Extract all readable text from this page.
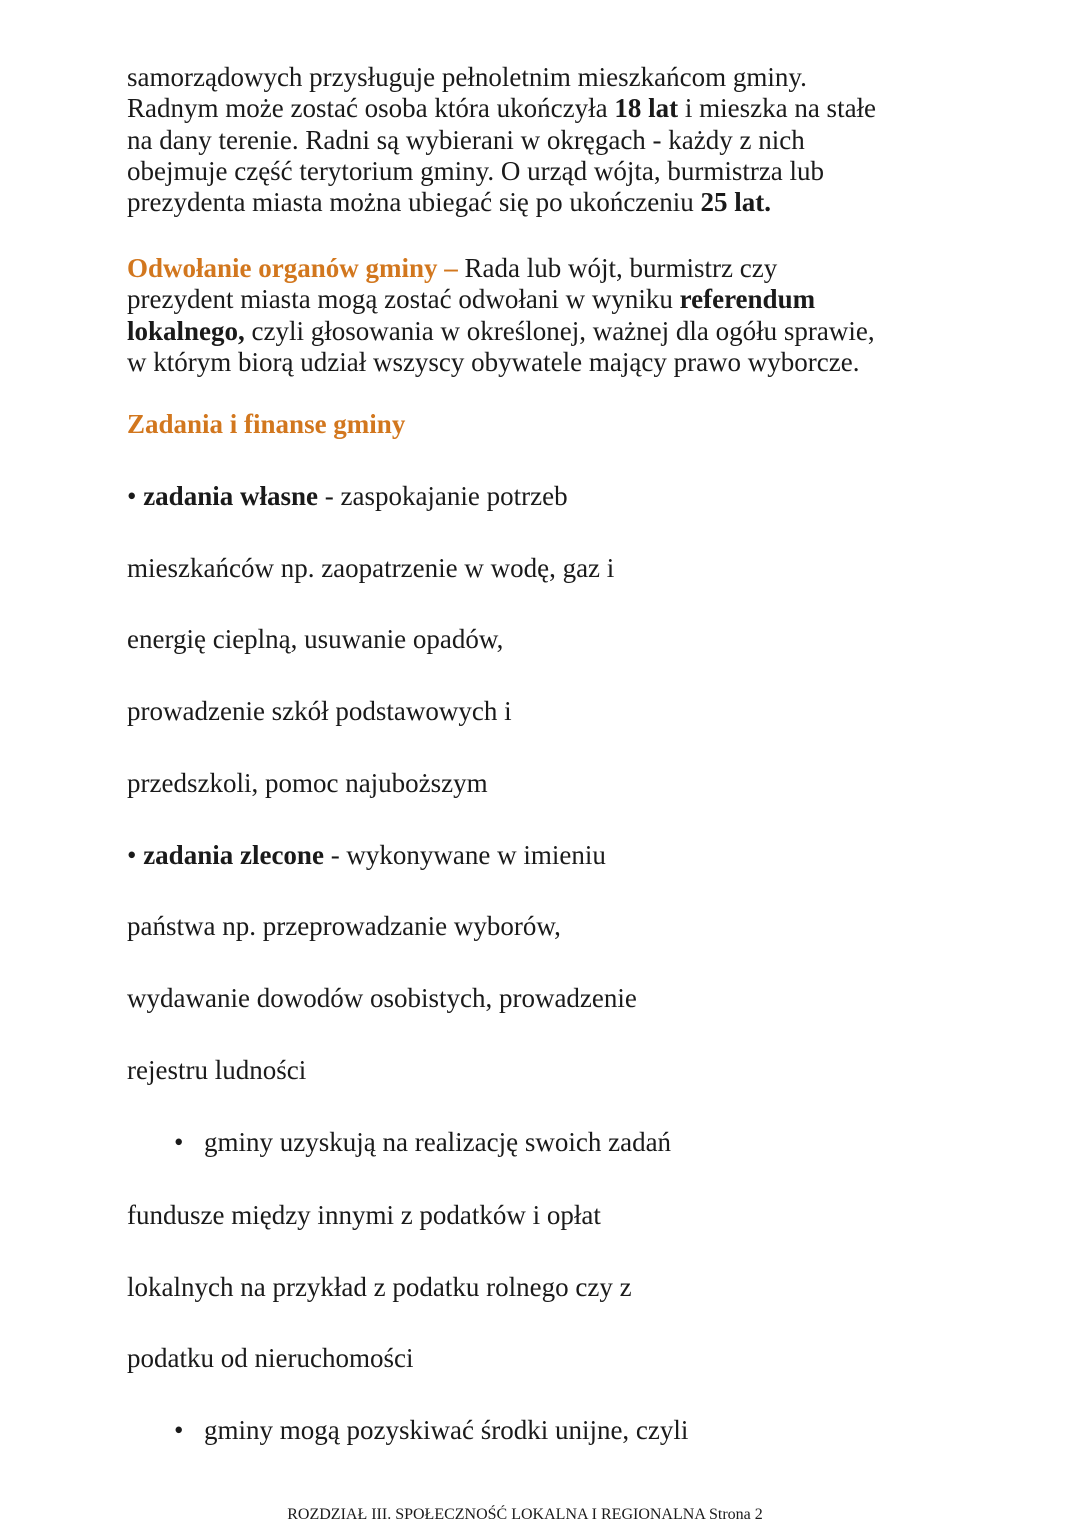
samorządowych przysługuje pełnoletnim mieszkańcom gminy.
Radnym może zostać osoba która ukończyła 18 lat i mieszka na stałe
na dany terenie. Radni są wybierani w okręgach - każdy z nich
obejmuje część terytorium gminy. O urząd wójta, burmistrza lub
prezydenta miasta można ubiegać się po ukończeniu 25 lat.

Odwołanie organów gminy – Rada lub wójt, burmistrz czy
prezydent miasta mogą zostać odwołani w wyniku referendum
lokalnego, czyli głosowania w określonej, ważnej dla ogółu sprawie,
w którym biorą udział wszyscy obywatele mający prawo wyborcze.

Zadania i finanse gminy
• zadania własne - zaspokajanie potrzeb
mieszkańców np. zaopatrzenie w wodę, gaz i
energię cieplną, usuwanie opadów,
prowadzenie szkół podstawowych i
przedszkoli, pomoc najuboższym
• zadania zlecone - wykonywane w imieniu
państwa np. przeprowadzanie wyborów,
wydawanie dowodów osobistych, prowadzenie
rejestru ludności
• gminy uzyskują na realizację swoich zadań
fundusze między innymi z podatków i opłat
lokalnych na przykład z podatku rolnego czy z
podatku od nieruchomości
• gminy mogą pozyskiwać środki unijne, czyli
ROZDZIAŁ III. SPOŁECZNOŚĆ LOKALNA I REGIONALNA Strona 2
